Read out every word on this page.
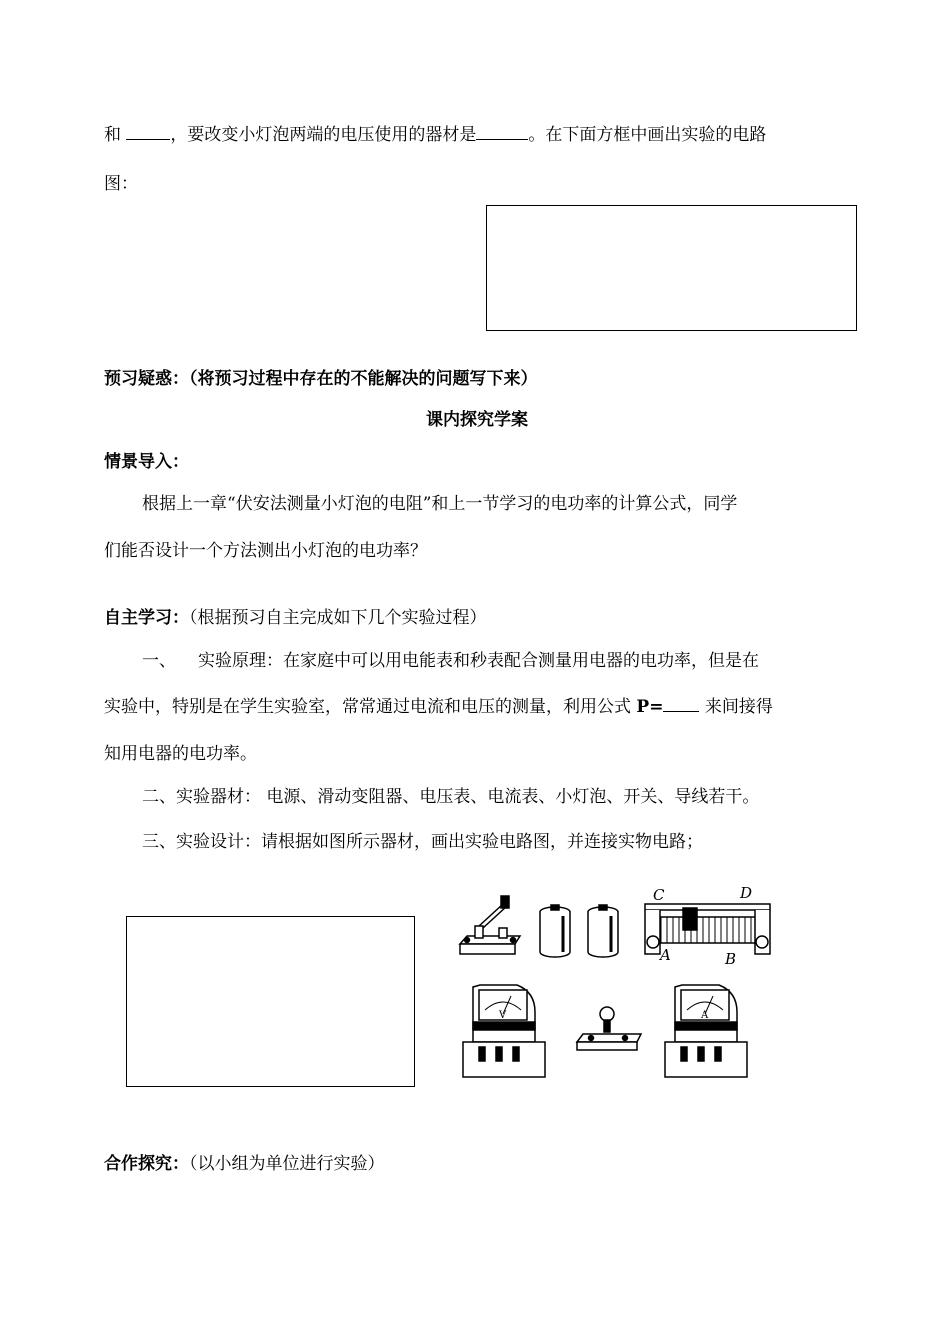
和	，要改变小灯泡两端的电压使用的器材是	。在下面方框中画出实验的电路
图：
预习疑惑：（将预习过程中存在的不能解决的问题写下来）
课内探究学案
情景导入：
根据上一章“伏安法测量小灯泡的电阻”和上一节学习的电功率的计算公式，同学
们能否设计一个方法测出小灯泡的电功率？
自主学习：（根据预习自主完成如下几个实验过程）
一、 实验原理：在家庭中可以用电能表和秒表配合测量用电器的电功率，但是在
实验中，特别是在学生实验室，常常通过电流和电压的测量，利用公式 P= 来间接得
知用电器的电功率。
二、实验器材： 电源、滑动变阻器、电压表、电流表、小灯泡、开关、导线若干。
三、实验设计：请根据如图所示器材，画出实验电路图，并连接实物电路；
C	D
A	B
V	A
合作探究：（以小组为单位进行实验）
